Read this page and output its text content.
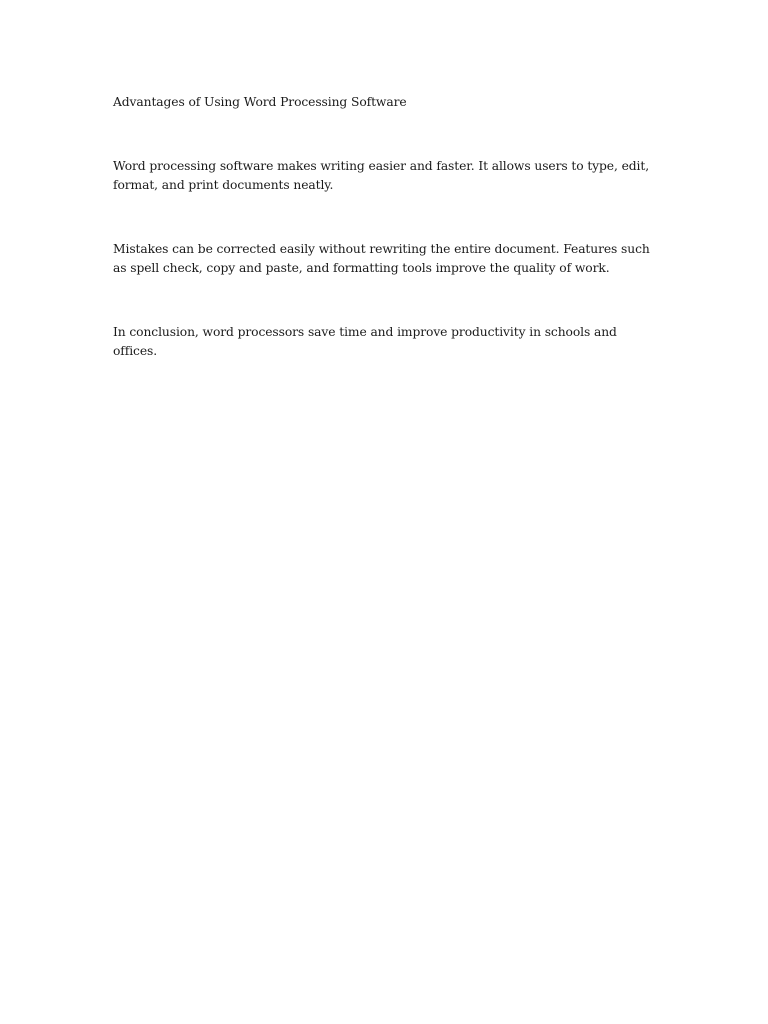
Advantages of Using Word Processing Software

Word processing software makes writing easier and faster. It allows users to type, edit, format, and print documents neatly.

Mistakes can be corrected easily without rewriting the entire document. Features such as spell check, copy and paste, and formatting tools improve the quality of work.

In conclusion, word processors save time and improve productivity in schools and offices.
